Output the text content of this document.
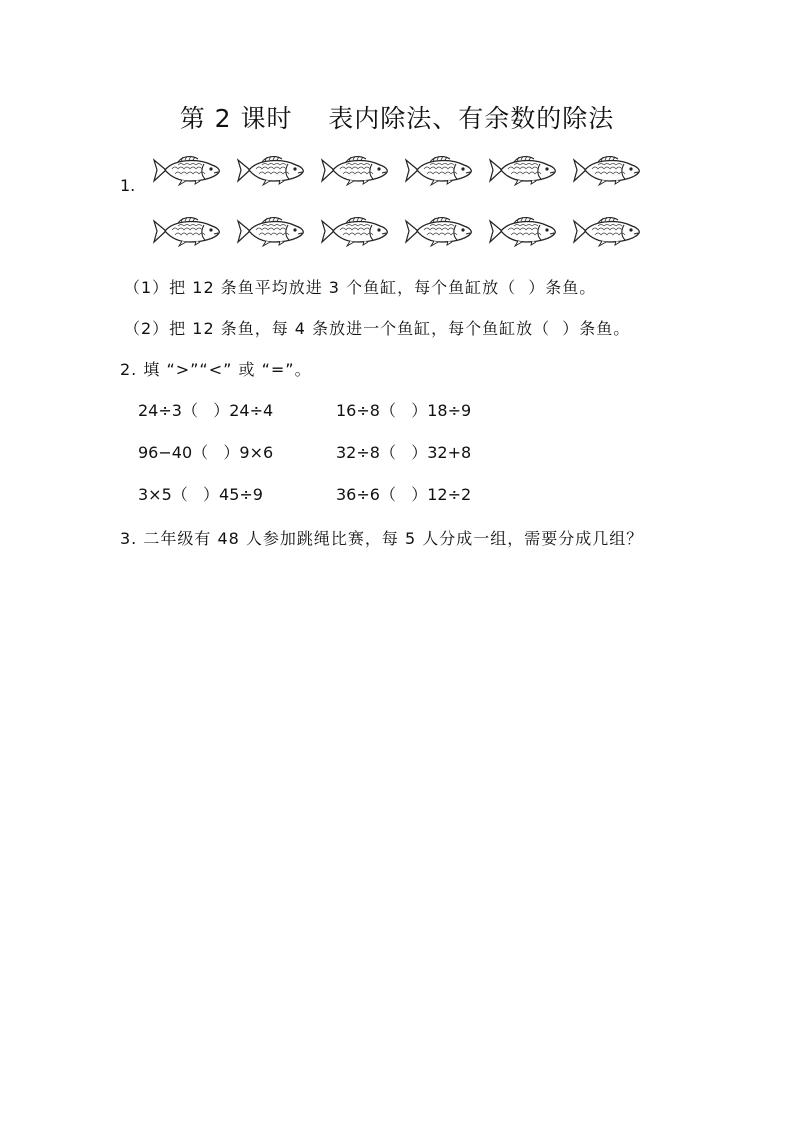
第 2 课时    表内除法、有余数的除法
1.
（1）把 12 条鱼平均放进 3 个鱼缸，每个鱼缸放（  ）条鱼。
（2）把 12 条鱼，每 4 条放进一个鱼缸，每个鱼缸放（  ）条鱼。
2. 填 “>”“<” 或 “=”。
24÷3（   ）24÷4	16÷8（   ）18÷9
96−40（   ）9×6	32÷8（   ）32+8
3×5（   ）45÷9	36÷6（   ）12÷2
3. 二年级有 48 人参加跳绳比赛，每 5 人分成一组，需要分成几组？
